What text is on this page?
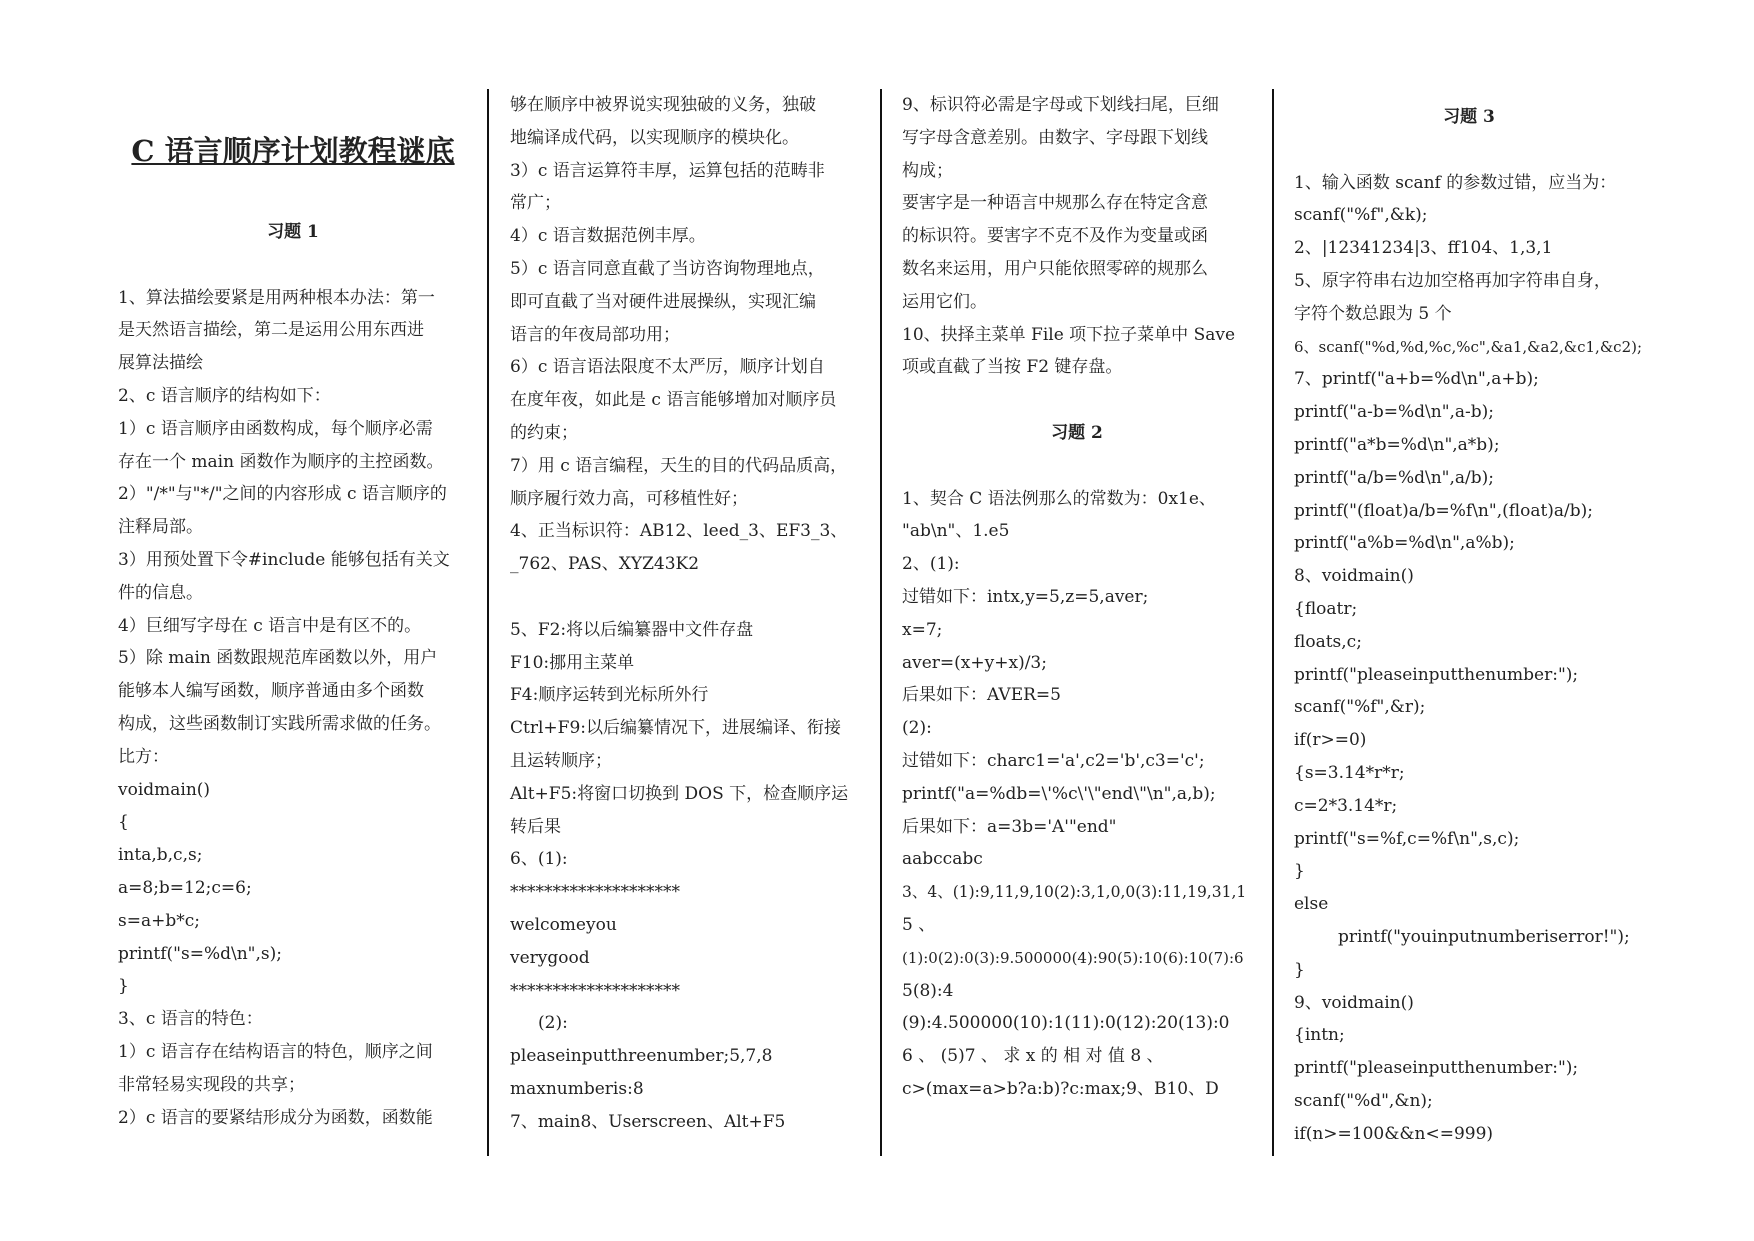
C 语言顺序计划教程谜底
习题 1
1、算法描绘要紧是用两种根本办法：第一
是天然语言描绘，第二是运用公用东西进
展算法描绘
2、c 语言顺序的结构如下：
1）c 语言顺序由函数构成，每个顺序必需
存在一个 main 函数作为顺序的主控函数。
2）"/*"与"*/"之间的内容形成 c 语言顺序的
注释局部。
3）用预处置下令#include 能够包括有关文
件的信息。
4）巨细写字母在 c 语言中是有区不的。
5）除 main 函数跟规范库函数以外，用户
能够本人编写函数，顺序普通由多个函数
构成，这些函数制订实践所需求做的任务。
比方：
voidmain()
{
inta,b,c,s;
a=8;b=12;c=6;
s=a+b*c;
printf("s=%d\n",s);
}
3、c 语言的特色：
1）c 语言存在结构语言的特色，顺序之间
非常轻易实现段的共享；
2）c 语言的要紧结形成分为函数，函数能
够在顺序中被界说实现独破的义务，独破
地编译成代码，以实现顺序的模块化。
3）c 语言运算符丰厚，运算包括的范畴非
常广；
4）c 语言数据范例丰厚。
5）c 语言同意直截了当访咨询物理地点，
即可直截了当对硬件进展操纵，实现汇编
语言的年夜局部功用；
6）c 语言语法限度不太严厉，顺序计划自
在度年夜，如此是 c 语言能够增加对顺序员
的约束；
7）用 c 语言编程，天生的目的代码品质高，
顺序履行效力高，可移植性好；
4、正当标识符：AB12、leed_3、EF3_3、
_762、PAS、XYZ43K2
5、F2:将以后编纂器中文件存盘
F10:挪用主菜单
F4:顺序运转到光标所外行
Ctrl+F9:以后编纂情况下，进展编译、衔接
且运转顺序；
Alt+F5:将窗口切换到 DOS 下，检查顺序运
转后果
6、(1):
********************
welcomeyou
verygood
********************
(2):
pleaseinputthreenumber;5,7,8
maxnumberis:8
7、main8、Userscreen、Alt+F5
9、标识符必需是字母或下划线扫尾，巨细
写字母含意差别。由数字、字母跟下划线
构成；
要害字是一种语言中规那么存在特定含意
的标识符。要害字不克不及作为变量或函
数名来运用，用户只能依照零碎的规那么
运用它们。
10、抉择主菜单 File 项下拉子菜单中 Save
项或直截了当按 F2 键存盘。
习题 2
1、契合 C 语法例那么的常数为：0x1e、
"ab\n"、1.e5
2、(1):
过错如下：intx,y=5,z=5,aver;
x=7;
aver=(x+y+x)/3;
后果如下：AVER=5
(2):
过错如下：charc1='a',c2='b',c3='c';
printf("a=%db=\'%c\'\"end\"\n",a,b);
后果如下：a=3b='A'"end"
aabccabc
3、4、(1):9,11,9,10(2):3,1,0,0(3):11,19,31,1
5 、
(1):0(2):0(3):9.500000(4):90(5):10(6):10(7):6
5(8):4
(9):4.500000(10):1(11):0(12):20(13):0
6 、 (5)7 、 求 x 的 相 对 值 8 、
c>(max=a>b?a:b)?c:max;9、B10、D
习题 3
1、输入函数 scanf 的参数过错，应当为：
scanf("%f",&k);
2、|12341234|3、ff104、1,3,1
5、原字符串右边加空格再加字符串自身，
字符个数总跟为 5 个
6、scanf("%d,%d,%c,%c",&a1,&a2,&c1,&c2);
7、printf("a+b=%d\n",a+b);
printf("a-b=%d\n",a-b);
printf("a*b=%d\n",a*b);
printf("a/b=%d\n",a/b);
printf("(float)a/b=%f\n",(float)a/b);
printf("a%b=%d\n",a%b);
8、voidmain()
{floatr;
floats,c;
printf("pleaseinputthenumber:");
scanf("%f",&r);
if(r>=0)
{s=3.14*r*r;
c=2*3.14*r;
printf("s=%f,c=%f\n",s,c);
}
else
printf("youinputnumberiserror!");
}
9、voidmain()
{intn;
printf("pleaseinputthenumber:");
scanf("%d",&n);
if(n>=100&&n<=999)
